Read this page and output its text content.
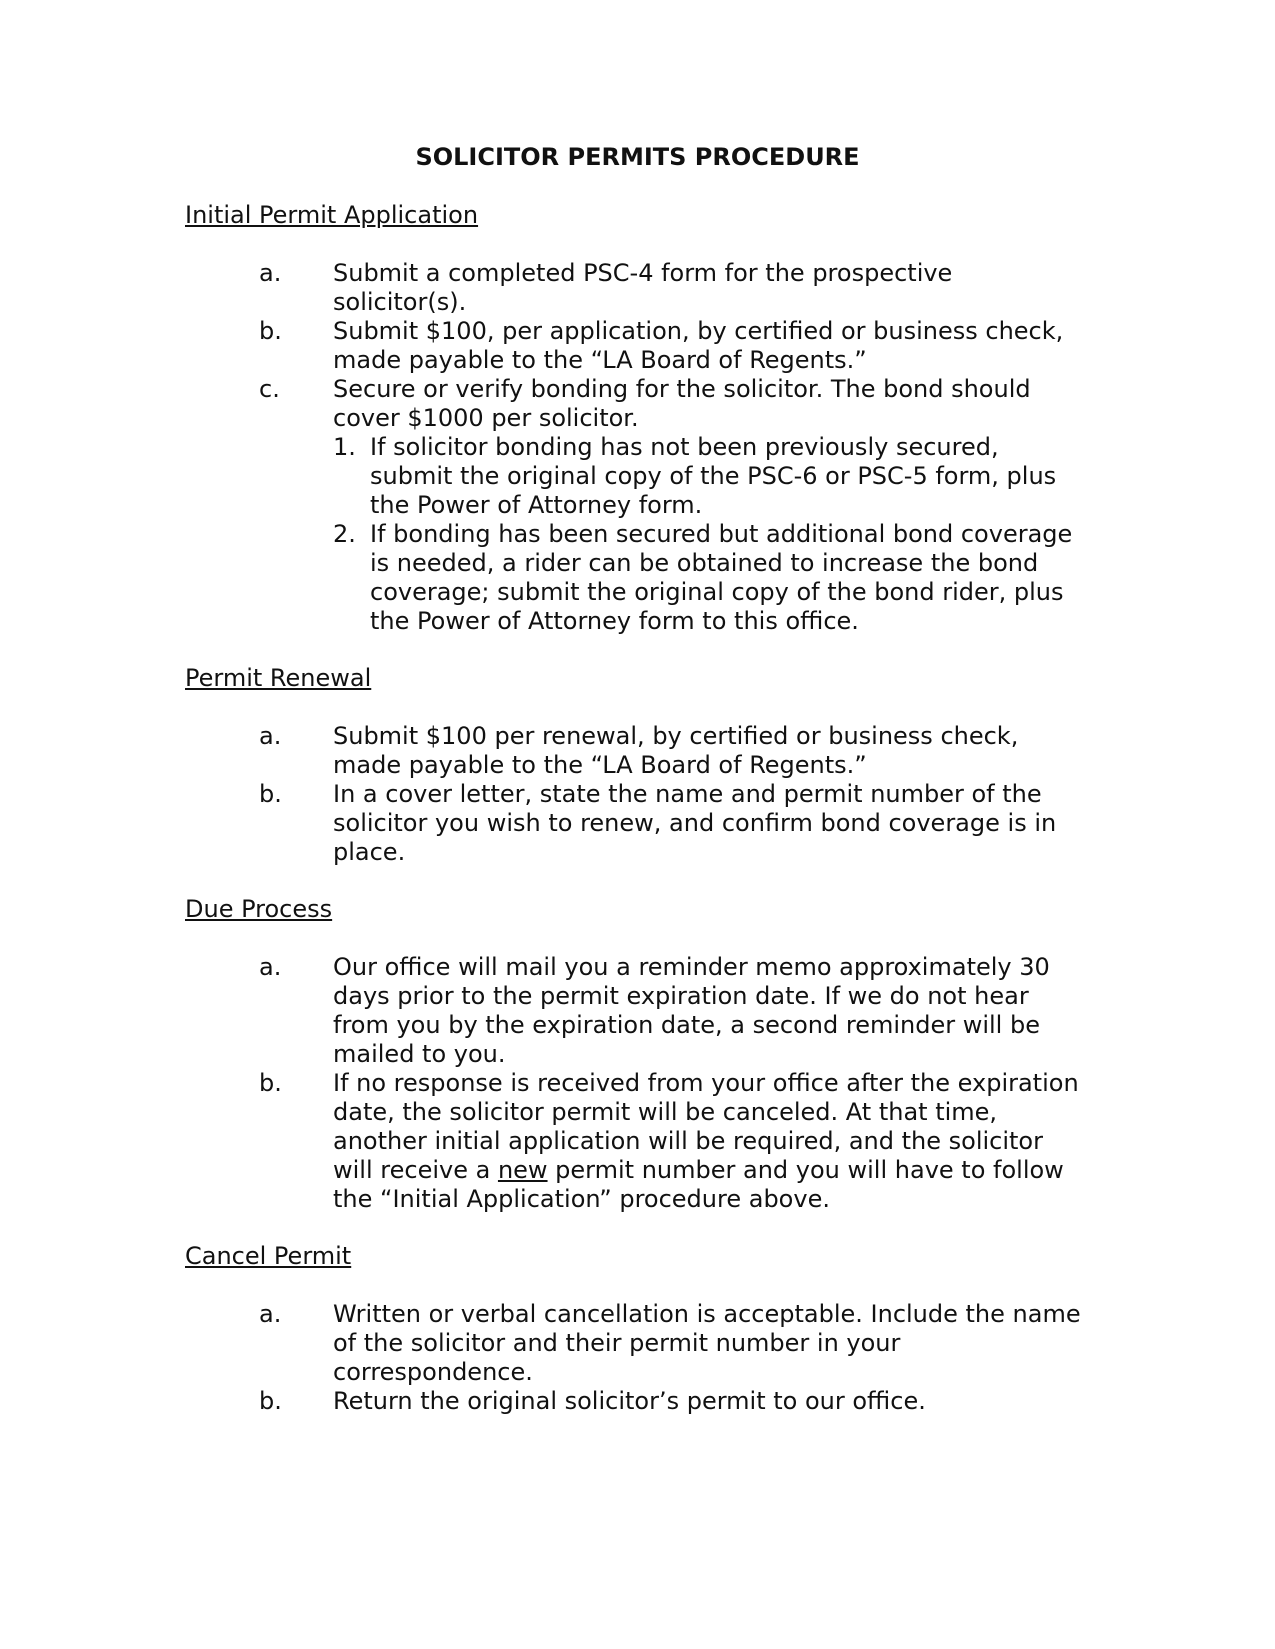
SOLICITOR PERMITS PROCEDURE
Initial Permit Application
a. Submit a completed PSC-4 form for the prospective solicitor(s).
b. Submit $100, per application, by certified or business check, made payable to the “LA Board of Regents.”
c. Secure or verify bonding for the solicitor. The bond should cover $1000 per solicitor.
1. If solicitor bonding has not been previously secured, submit the original copy of the PSC-6 or PSC-5 form, plus the Power of Attorney form.
2. If bonding has been secured but additional bond coverage is needed, a rider can be obtained to increase the bond coverage; submit the original copy of the bond rider, plus the Power of Attorney form to this office.
Permit Renewal
a. Submit $100 per renewal, by certified or business check, made payable to the “LA Board of Regents.”
b. In a cover letter, state the name and permit number of the solicitor you wish to renew, and confirm bond coverage is in place.
Due Process
a. Our office will mail you a reminder memo approximately 30 days prior to the permit expiration date. If we do not hear from you by the expiration date, a second reminder will be mailed to you.
b. If no response is received from your office after the expiration date, the solicitor permit will be canceled. At that time, another initial application will be required, and the solicitor will receive a new permit number and you will have to follow the “Initial Application” procedure above.
Cancel Permit
a. Written or verbal cancellation is acceptable. Include the name of the solicitor and their permit number in your correspondence.
b. Return the original solicitor’s permit to our office.
